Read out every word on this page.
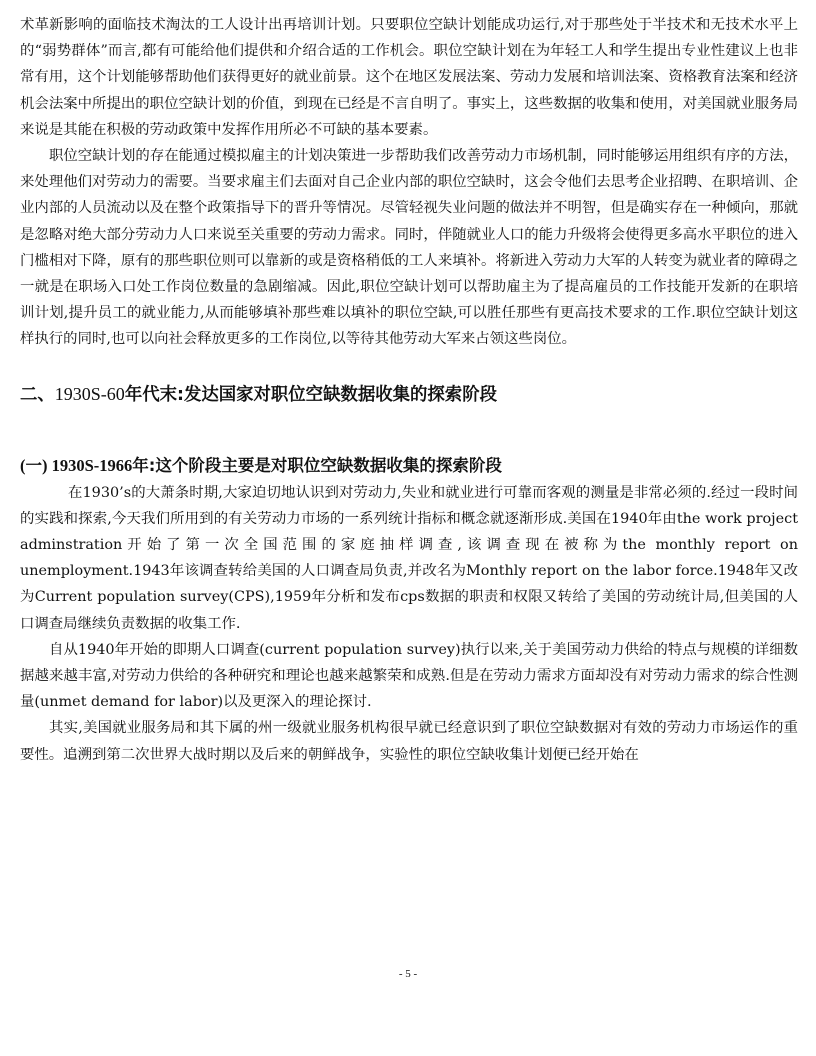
术革新影响的面临技术淘汰的工人设计出再培训计划。只要职位空缺计划能成功运行,对于那些处于半技术和无技术水平上的“弱势群体”而言,都有可能给他们提供和介绍合适的工作机会。职位空缺计划在为年轻工人和学生提出专业性建议上也非常有用，这个计划能够帮助他们获得更好的就业前景。这个在地区发展法案、劳动力发展和培训法案、资格教育法案和经济机会法案中所提出的职位空缺计划的价值，到现在已经是不言自明了。事实上，这些数据的收集和使用，对美国就业服务局来说是其能在积极的劳动政策中发挥作用所必不可缺的基本要素。

职位空缺计划的存在能通过模拟雇主的计划决策进一步帮助我们改善劳动力市场机制，同时能够运用组织有序的方法，来处理他们对劳动力的需要。当要求雇主们去面对自己企业内部的职位空缺时，这会令他们去思考企业招聘、在职培训、企业内部的人员流动以及在整个政策指导下的晋升等情况。尽管轻视失业问题的做法并不明智，但是确实存在一种倾向，那就是忽略对绝大部分劳动力人口来说至关重要的劳动力需求。同时，伴随就业人口的能力升级将会使得更多高水平职位的进入门槛相对下降，原有的那些职位则可以靠新的或是资格稍低的工人来填补。将新进入劳动力大军的人转变为就业者的障碍之一就是在职场入口处工作岗位数量的急剧缩减。因此,职位空缺计划可以帮助雇主为了提高雇员的工作技能开发新的在职培训计划,提升员工的就业能力,从而能够填补那些难以填补的职位空缺,可以胜任那些有更高技术要求的工作.职位空缺计划这样执行的同时,也可以向社会释放更多的工作岗位,以等待其他劳动大军来占领这些岗位。

二、1930S-60年代末:发达国家对职位空缺数据收集的探索阶段
(一) 1930S-1966年:这个阶段主要是对职位空缺数据收集的探索阶段

在1930’s的大萧条时期,大家迫切地认识到对劳动力,失业和就业进行可靠而客观的测量是非常必须的.经过一段时间的实践和探索,今天我们所用到的有关劳动力市场的一系列统计指标和概念就逐渐形成.美国在1940年由the work project adminstration开始了第一次全国范围的家庭抽样调查,该调查现在被称为the monthly report on unemployment.1943年该调查转给美国的人口调查局负责,并改名为Monthly report on the labor force.1948年又改为Current population survey(CPS),1959年分析和发布cps数据的职责和权限又转给了美国的劳动统计局,但美国的人口调查局继续负责数据的收集工作.

自从1940年开始的即期人口调查(current population survey)执行以来,关于美国劳动力供给的特点与规模的详细数据越来越丰富,对劳动力供给的各种研究和理论也越来越繁荣和成熟.但是在劳动力需求方面却没有对劳动力需求的综合性测量(unmet demand for labor)以及更深入的理论探讨.

其实,美国就业服务局和其下属的州一级就业服务机构很早就已经意识到了职位空缺数据对有效的劳动力市场运作的重要性。追溯到第二次世界大战时期以及后来的朝鲜战争，实验性的职位空缺收集计划便已经开始在

- 5 -
